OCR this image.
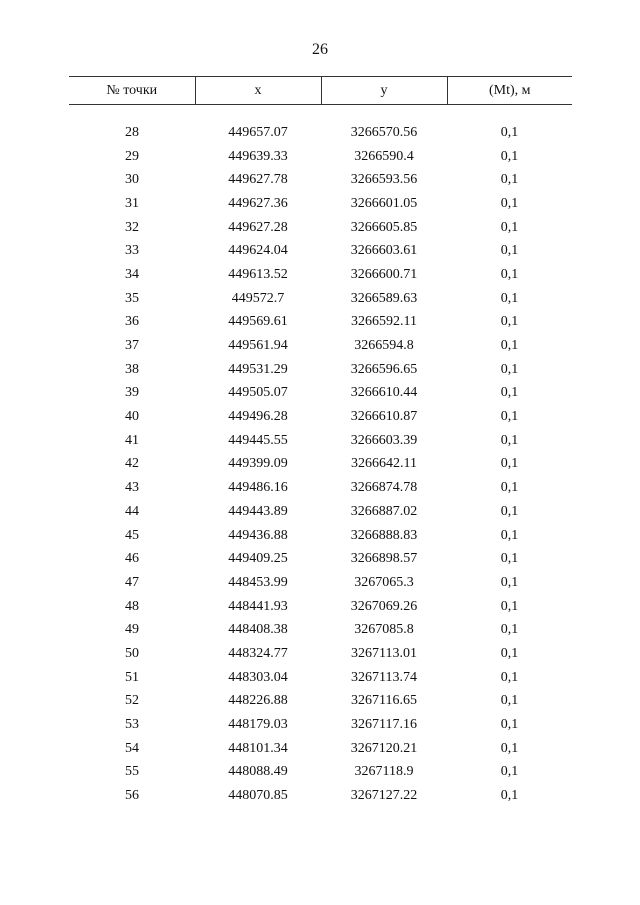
26
№ точки	x	y	(Mt), м

28	449657.07	3266570.56	0,1
29	449639.33	3266590.4	0,1
30	449627.78	3266593.56	0,1
31	449627.36	3266601.05	0,1
32	449627.28	3266605.85	0,1
33	449624.04	3266603.61	0,1
34	449613.52	3266600.71	0,1
35	449572.7	3266589.63	0,1
36	449569.61	3266592.11	0,1
37	449561.94	3266594.8	0,1
38	449531.29	3266596.65	0,1
39	449505.07	3266610.44	0,1
40	449496.28	3266610.87	0,1
41	449445.55	3266603.39	0,1
42	449399.09	3266642.11	0,1
43	449486.16	3266874.78	0,1
44	449443.89	3266887.02	0,1
45	449436.88	3266888.83	0,1
46	449409.25	3266898.57	0,1
47	448453.99	3267065.3	0,1
48	448441.93	3267069.26	0,1
49	448408.38	3267085.8	0,1
50	448324.77	3267113.01	0,1
51	448303.04	3267113.74	0,1
52	448226.88	3267116.65	0,1
53	448179.03	3267117.16	0,1
54	448101.34	3267120.21	0,1
55	448088.49	3267118.9	0,1
56	448070.85	3267127.22	0,1
